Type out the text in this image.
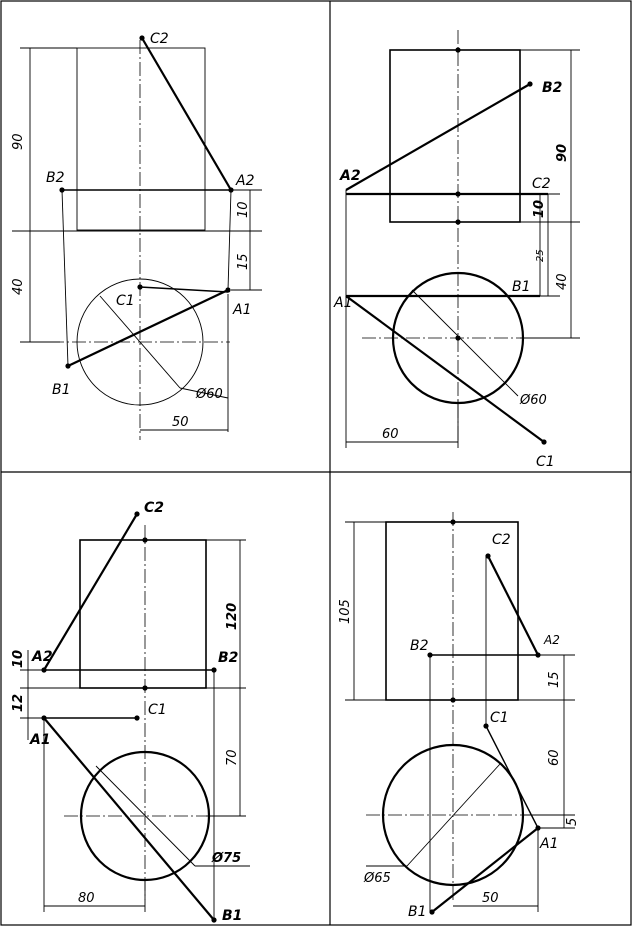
C2
A2
B2
C1
A1
B1
90
40
10
15
Ø60
50
B2
A2	C2
A1
B1
C1
90
10
25
40
Ø60
60
C2
A2	B2
A1
C1
B1
120
70
10
12
Ø75
80
C2
B2	A2
C1
A1
B1
105
15
60
5
Ø65
50
